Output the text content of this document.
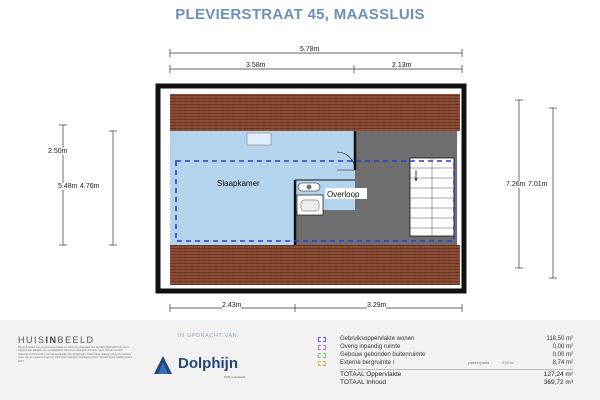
PLEVIERSTRAAT 45, MAASSLUIS
Slaapkamer
Overloop
5.78m
3.58m	2.13m
2.50m
5.48m 4.76m	7.26m 7.01m
2.43m	3.29m
HUISINBEELD
Bij het bepalen van de vloeroppervlakte en inhoud is uitgegaan van de NEN 2580:2007 NL norm. Opgave kan afwijken van werkelijkheid. Aan deze plattegrond kunnen geen rechten worden ontleend. Huisinbeeld is niet aansprakelijk voor afwijkingen. Indien deze plattegrond op de website staat, zijn de maatvoeringen en indelingen indicatief. Testingang POO. Vervaardiging Plattegronden 2017.
IN OPDRACHT VAN:
Dolphijn
NVM makelaardij
Gebruiksoppervlakte wonen	118,50 m²
Overig inpandig ruimte	0,00 m²
Gebouw gebonden buitenruimte	0,00 m²
Externe bergruimte /	parkeerplaats	0,00 m²	8,74 m²
TOTAAL Oppervlakte	127,24 m²
TOTAAL Inhoud	369,72 m³
